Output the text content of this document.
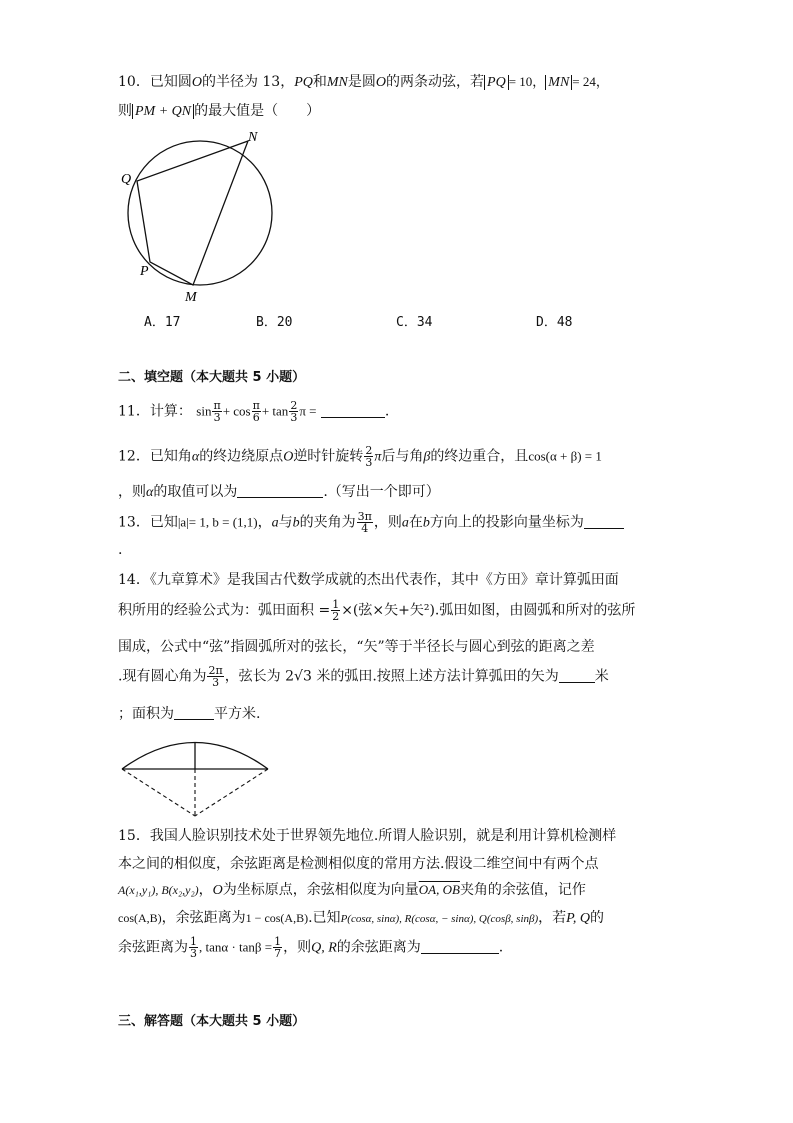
10．已知圆O的半径为 13，PQ和MN是圆O的两条动弦，若 PQ = 10， MN = 24，
则 PM + QN 的最大值是（　　）
N
Q
P
M
A．17	B．20	C．34	D．48
二、填空题（本大题共 5 小题）
11．计算： $\sin \frac{\pi}{3} + \cos \frac{\pi}{6} + \tan \frac{2}{3}$ π =	.
12．已知角α的终边绕原点O逆时针旋转 $\frac{2}{3}$ π后与角β的终边重合，且cos(α + β) = 1
，则α的取值可以为	.（写出一个即可）
13．已知|a|= 1, b = (1,1)，a与b的夹角为 $\frac{3\pi}{4}$ ，则a在b方向上的投影向量坐标为
.
14．《九章算术》是我国古代数学成就的杰出代表作，其中《方田》章计算弧田面
积所用的经验公式为：弧田面积 = $\frac{1}{2}$ ×(弦×矢+矢²).弧田如图，由圆弧和所对的弦所
围成，公式中“弦”指圆弧所对的弦长，“矢”等于半径长与圆心到弦的距离之差
.现有圆心角为 $\frac{2\pi}{3}$ ，弦长为 2√3 米的弧田.按照上述方法计算弧田的矢为	米
；面积为	平方米.
15．我国人脸识别技术处于世界领先地位.所谓人脸识别，就是利用计算机检测样
本之间的相似度，余弦距离是检测相似度的常用方法.假设二维空间中有两个点
A(x₁,y₁), B(x₂,y₂)，O为坐标原点，余弦相似度为向量OA, OB夹角的余弦值，记作
cos(A,B)，余弦距离为1 − cos(A,B).已知P(cosα, sinα), R(cosα, − sinα), Q(cosβ, sinβ)，若P, Q的
余弦距离为 $\frac{1}{3}$ , $\tan\alpha \cdot \tan\beta = \frac{1}{7}$ ，则Q, R的余弦距离为	.
三、解答题（本大题共 5 小题）
